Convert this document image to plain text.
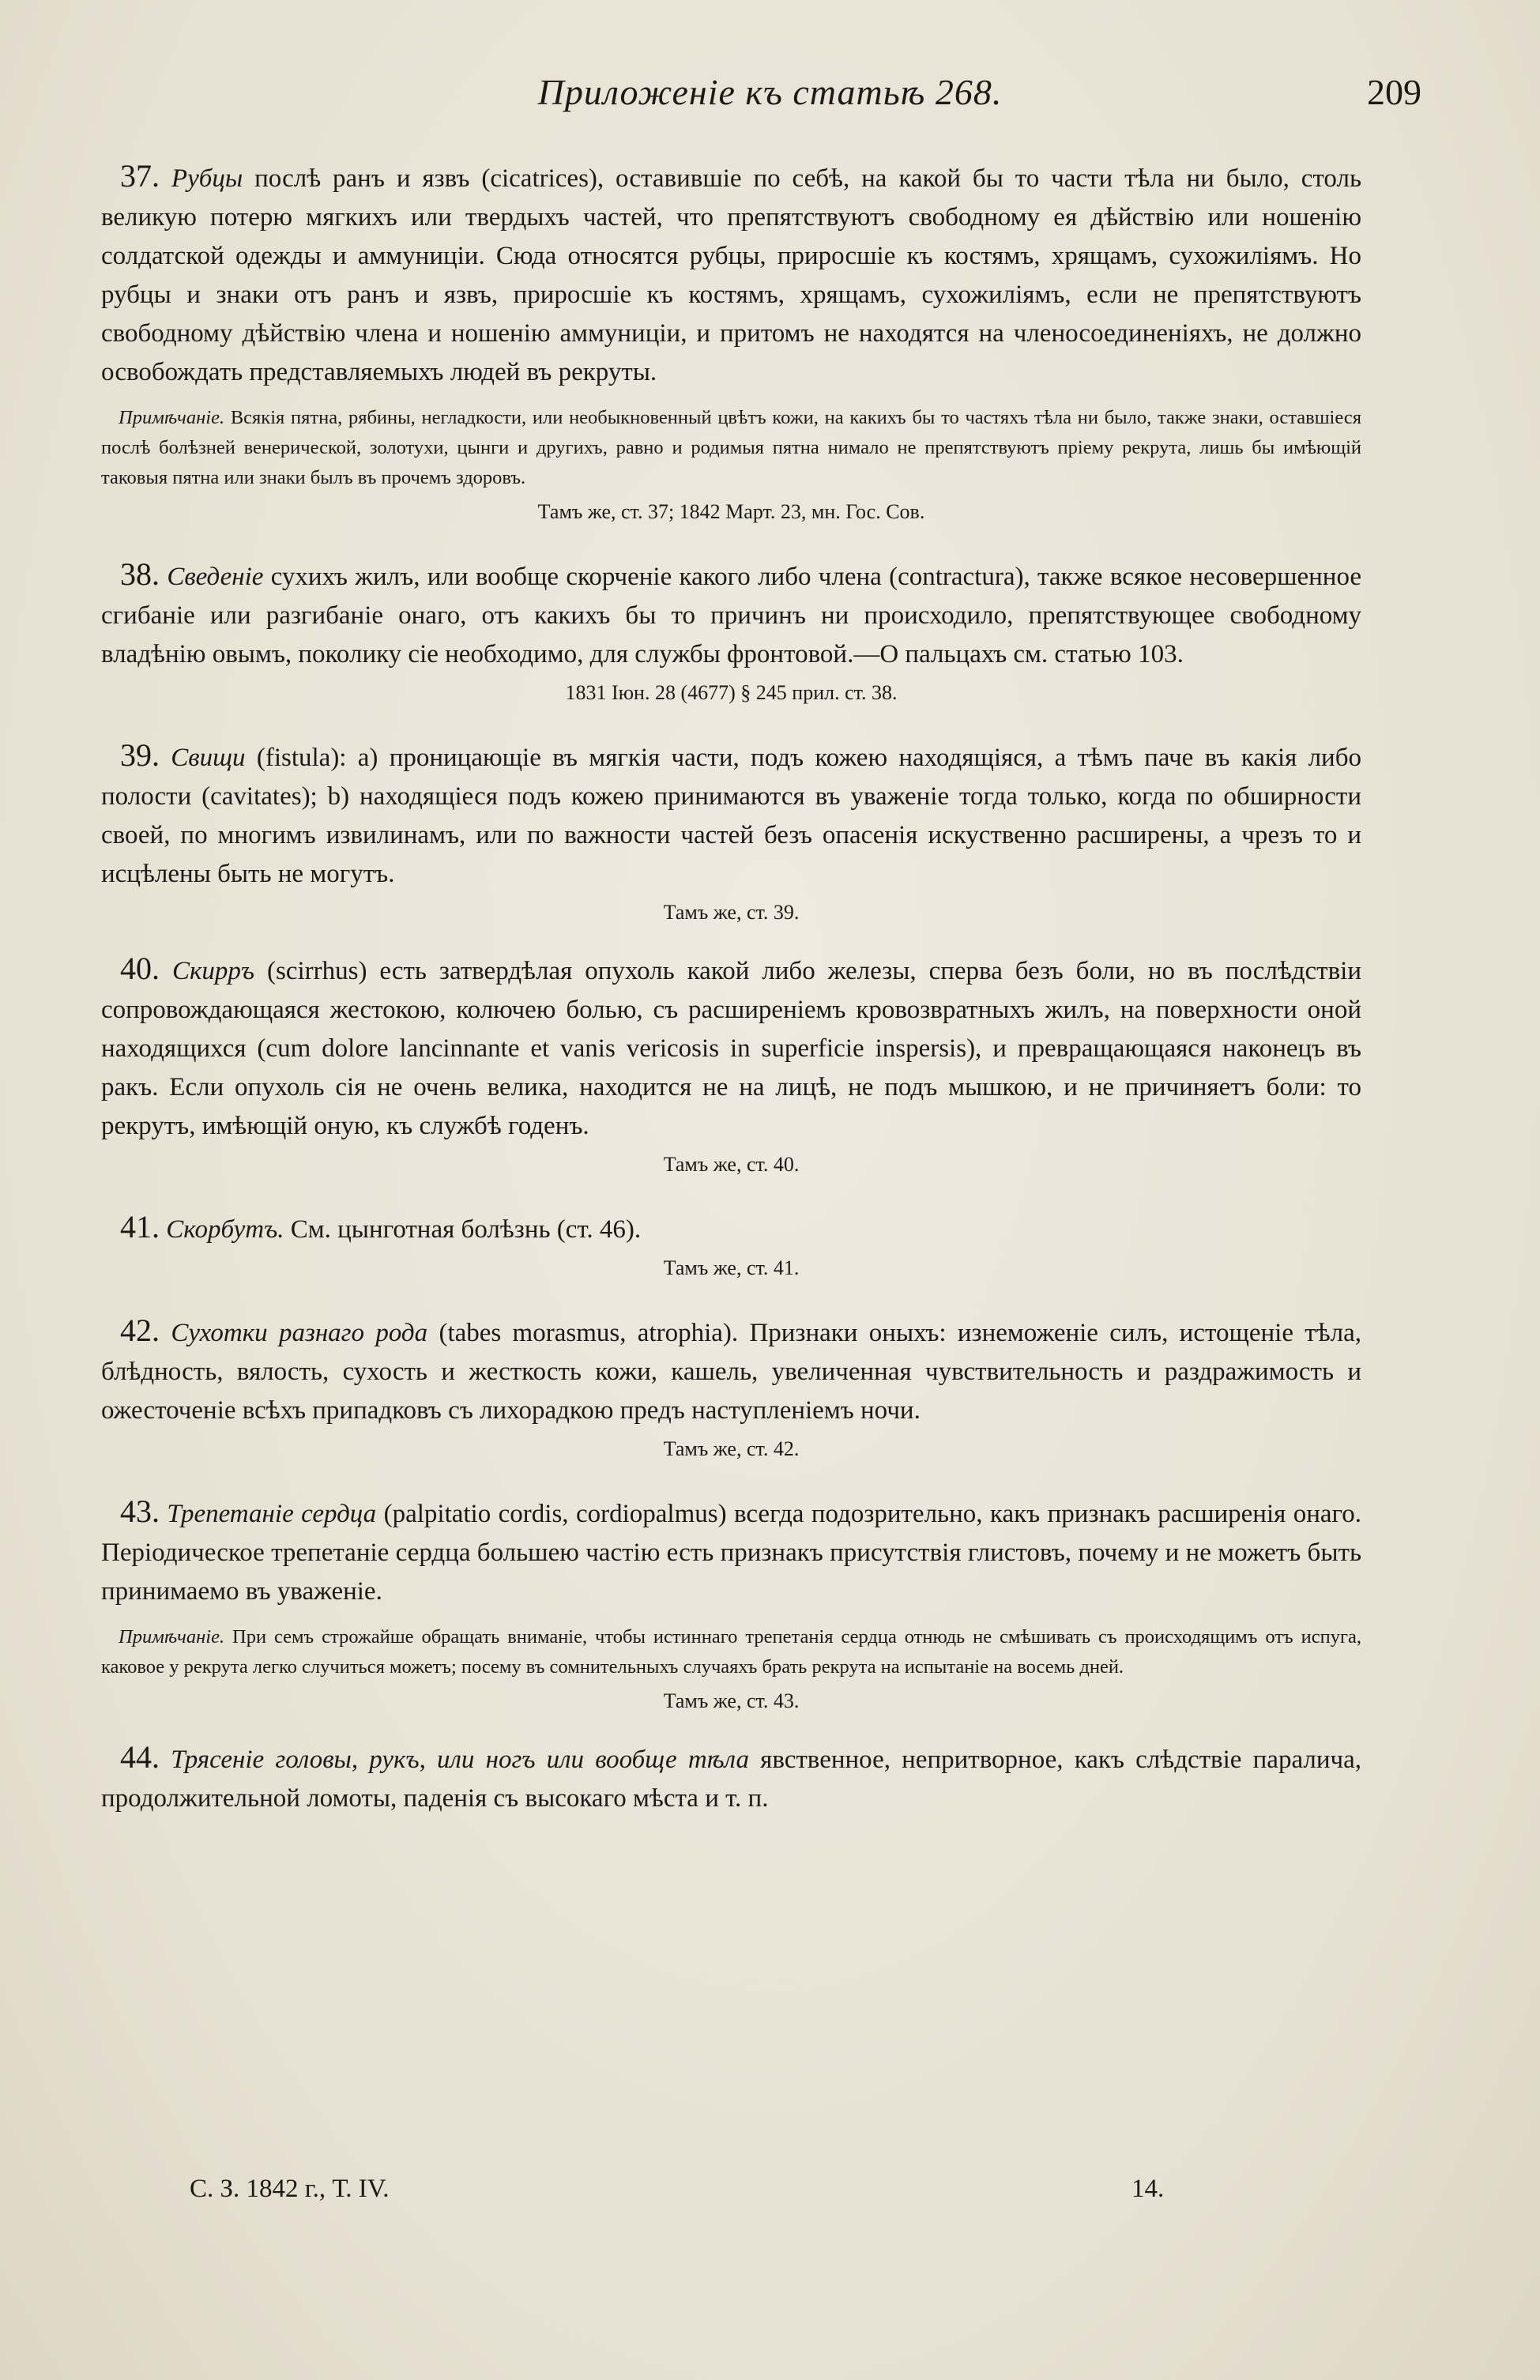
Приложеніе къ статьѣ 268.	209

37. Рубцы послѣ ранъ и язвъ (cicatrices), оставившіе по себѣ, на какой бы то части тѣла ни было, столь великую потерю мягкихъ или твердыхъ частей, что препятствуютъ свободному ея дѣйствію или ношенію солдатской одежды и аммуниціи. Сюда относятся рубцы, приросшіе къ костямъ, хрящамъ, сухожиліямъ. Но рубцы и знаки отъ ранъ и язвъ, приросшіе къ костямъ, хрящамъ, сухожиліямъ, если не препятствуютъ свободному дѣйствію члена и ношенію аммуниціи, и притомъ не находятся на членосоединеніяхъ, не должно освобождать представляемыхъ людей въ рекруты.

Примѣчаніе. Всякія пятна, рябины, негладкости, или необыкновенный цвѣтъ кожи, на какихъ бы то частяхъ тѣла ни было, также знаки, оставшіеся послѣ болѣзней венерической, золотухи, цынги и другихъ, равно и родимыя пятна нимало не препятствуютъ пріему рекрута, лишь бы имѣющій таковыя пятна или знаки былъ въ прочемъ здоровъ.

Тамъ же, ст. 37; 1842 Март. 23, мн. Гос. Сов.

38. Сведеніе сухихъ жилъ, или вообще скорченіе какого либо члена (contractura), также всякое несовершенное сгибаніе или разгибаніе онаго, отъ какихъ бы то причинъ ни происходило, препятствующее свободному владѣнію овымъ, поколику сіе необходимо, для службы фронтовой.—О пальцахъ см. статью 103.

1831 Іюн. 28 (4677) § 245 прил. ст. 38.

39. Свищи (fistula): a) проницающіе въ мягкія части, подъ кожею находящіяся, а тѣмъ паче въ какія либо полости (cavitates); b) находящіеся подъ кожею принимаются въ уваженіе тогда только, когда по обширности своей, по многимъ извилинамъ, или по важности частей безъ опасенія искуственно расширены, а чрезъ то и исцѣлены быть не могутъ.

Тамъ же, ст. 39.

40. Скирръ (scirrhus) есть затвердѣлая опухоль какой либо железы, сперва безъ боли, но въ послѣдствіи сопровождающаяся жестокою, колючею болью, съ расширеніемъ кровозвратныхъ жилъ, на поверхности оной находящихся (cum dolore lancinnante et vanis vericosis in superficie inspersis), и превращающаяся наконецъ въ ракъ. Если опухоль сія не очень велика, находится не на лицѣ, не подъ мышкою, и не причиняетъ боли: то рекрутъ, имѣющій оную, къ службѣ годенъ.

Тамъ же, ст. 40.

41. Скорбутъ. См. цынготная болѣзнь (ст. 46).

Тамъ же, ст. 41.

42. Сухотки разнаго рода (tabes morasmus, atrophia). Признаки оныхъ: изнеможеніе силъ, истощеніе тѣла, блѣдность, вялость, сухость и жесткость кожи, кашель, увеличенная чувствительность и раздражимость и ожесточеніе всѣхъ припадковъ съ лихорадкою предъ наступленіемъ ночи.

Тамъ же, ст. 42.

43. Трепетаніе сердца (palpitatio cordis, cordiopalmus) всегда подозрительно, какъ признакъ расширенія онаго. Періодическое трепетаніе сердца большею частію есть признакъ присутствія глистовъ, почему и не можетъ быть принимаемо въ уваженіе.

Примѣчаніе. При семъ строжайше обращать вниманіе, чтобы истиннаго трепетанія сердца отнюдь не смѣшивать съ происходящимъ отъ испуга, каковое у рекрута легко случиться можетъ; посему въ сомнительныхъ случаяхъ брать рекрута на испытаніе на восемь дней.

Тамъ же, ст. 43.

44. Трясеніе головы, рукъ, или ногъ или вообще тѣла явственное, непритворное, какъ слѣдствіе паралича, продолжительной ломоты, паденія съ высокаго мѣста и т. п.

С. З. 1842 г., Т. IV.	14.
